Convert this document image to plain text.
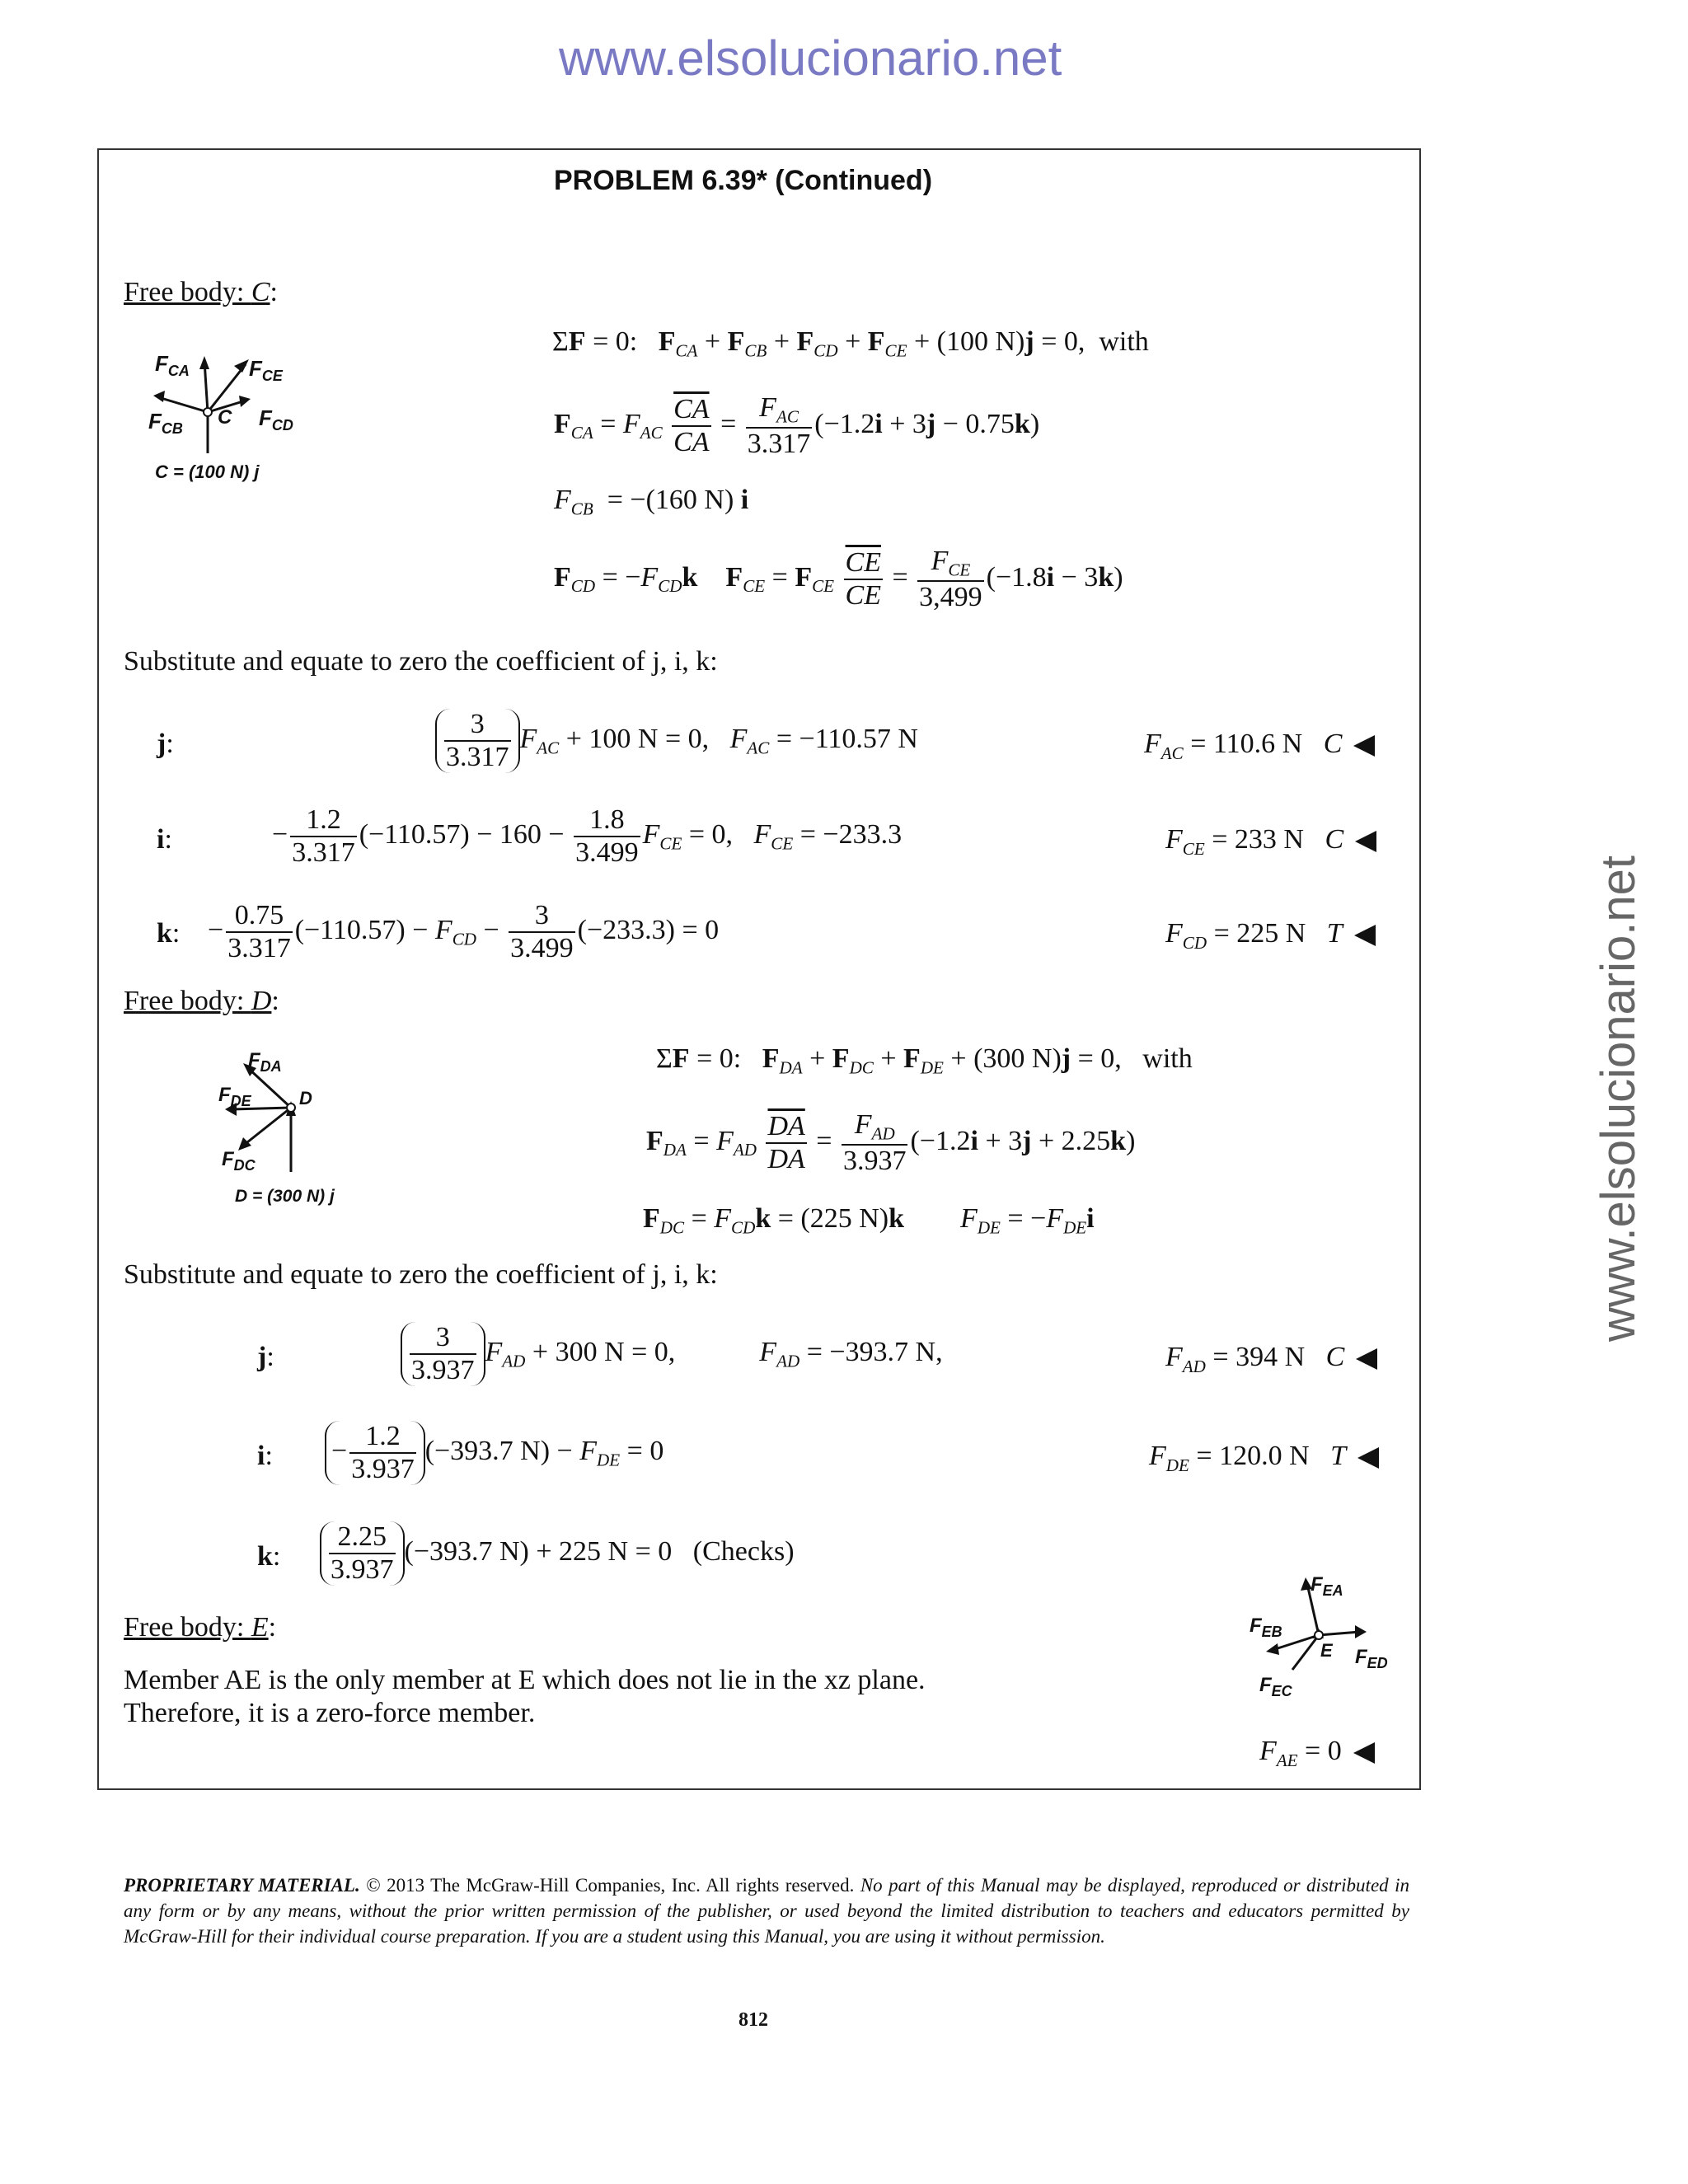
www.elsolucionario.net
www.elsolucionario.net
PROBLEM 6.39* (Continued)
Free body: C:
$F_{CA}$	$F_{CE}$
$F_{CB}$ C $F_{CD}$
C = (100 N) j
ΣF = 0:   $F_{CA} + F_{CB} + F_{CD} + F_{CE} + (100$ N)j = 0,  with
$F_{CA} = F_{AC} \frac{\overline{CA}}{CA} = \frac{F_{AC}}{3.317} (-1.2i + 3j - 0.75k)$
$F_{CB} = -(160$ N) i
$F_{CD} = -F_{CD}k$ $F_{CE} = F_{CE} \frac{\overline{CE}}{CE} = \frac{F_{CE}}{3,499} (-1.8i - 3k)$
Substitute and equate to zero the coefficient of j, i, k:
j:	$\frac{3}{3.317} F_{AC} + 100$ N = 0,   $F_{AC} = -110.57$ N	$F_{AC} = 110.6$ N C
i:	− $\frac{1.2}{3.317} (-110.57) - 160 - \frac{1.8}{3.499} F_{CE} = 0$,   $F_{CE} = -233.3$	$F_{CE} = 233$ N C
k: − $\frac{0.75}{3.317} (-110.57) - F_{CD} - \frac{3}{3.499} (-233.3) = 0$	$F_{CD} = 225$ N T
Free body: D:
$F_{DA}$
$F_{DE}$	D
$F_{DC}$
D = (300 N) j
ΣF = 0:   $F_{DA} + F_{DC} + F_{DE} + (300$ N)j = 0,   with
$F_{DA} = F_{AD} \frac{\overline{DA}}{DA} = \frac{F_{AD}}{3.937} (-1.2i + 3j + 2.25k)$
$F_{DC} = F_{CD}k = (225$ N)k $F_{DE} = -F_{DE}i$
Substitute and equate to zero the coefficient of j, i, k:
j:	$\frac{3}{3.937} F_{AD} + 300$ N = 0,            $F_{AD} = -393.7$ N,	$F_{AD} = 394$ N C
i: − $\frac{1.2}{3.937} (-393.7$ $N) - F_{DE} = 0$	$F_{DE} = 120.0$ N T
k: $\frac{2.25}{3.937} (-393.7$ N) + 225 N = 0   (Checks)
Free body: E:
Member AE is the only member at E which does not lie in the xz plane.
Therefore, it is a zero-force member.
$F_{EA}$
$F_{EB}$
E $F_{ED}$
$F_{EC}$
$F_{AE} = 0$
PROPRIETARY MATERIAL. © 2013 The McGraw-Hill Companies, Inc. All rights reserved. No part of this Manual may be displayed, reproduced or distributed in any form or by any means, without the prior written permission of the publisher, or used beyond the limited distribution to teachers and educators permitted by McGraw-Hill for their individual course preparation. If you are a student using this Manual, you are using it without permission.
812
